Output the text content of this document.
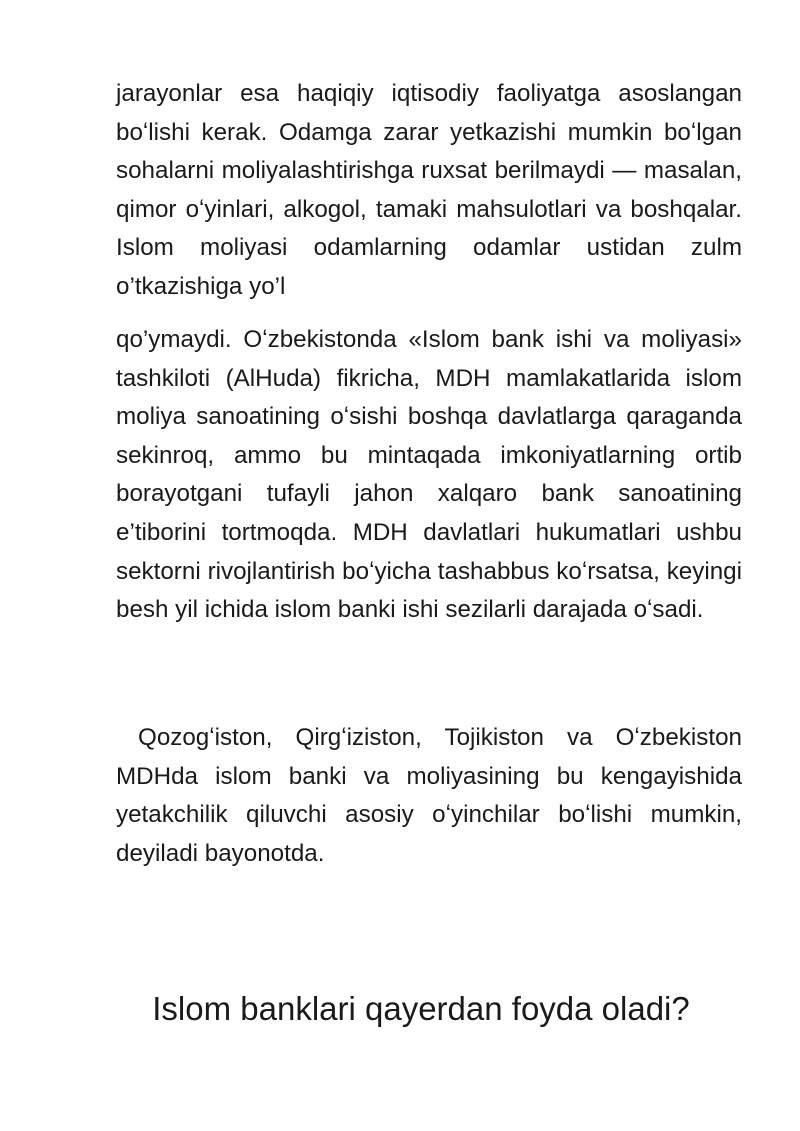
jarayonlar esa haqiqiy iqtisodiy faoliyatga asoslangan boʻlishi kerak. Odamga zarar yetkazishi mumkin boʻlgan sohalarni moliyalashtirishga ruxsat berilmaydi — masalan, qimor oʻyinlari, alkogol, tamaki mahsulotlari va boshqalar. Islom moliyasi odamlarning odamlar ustidan zulm o’tkazishiga yo’l

qo’ymaydi. Oʻzbekistonda «Islom bank ishi va moliyasi» tashkiloti (AlHuda) fikricha, MDH mamlakatlarida islom moliya sanoatining oʻsishi boshqa davlatlarga qaraganda sekinroq, ammo bu mintaqada imkoniyatlarning ortib borayotgani tufayli jahon xalqaro bank sanoatining e’tiborini tortmoqda. MDH davlatlari hukumatlari ushbu sektorni rivojlantirish boʻyicha tashabbus koʻrsatsa, keyingi besh yil ichida islom banki ishi sezilarli darajada oʻsadi.

Qozogʻiston, Qirgʻiziston, Tojikiston va Oʻzbekiston MDHda islom banki va moliyasining bu kengayishida yetakchilik qiluvchi asosiy oʻyinchilar boʻlishi mumkin, deyiladi bayonotda.

Islom banklari qayerdan foyda oladi?
